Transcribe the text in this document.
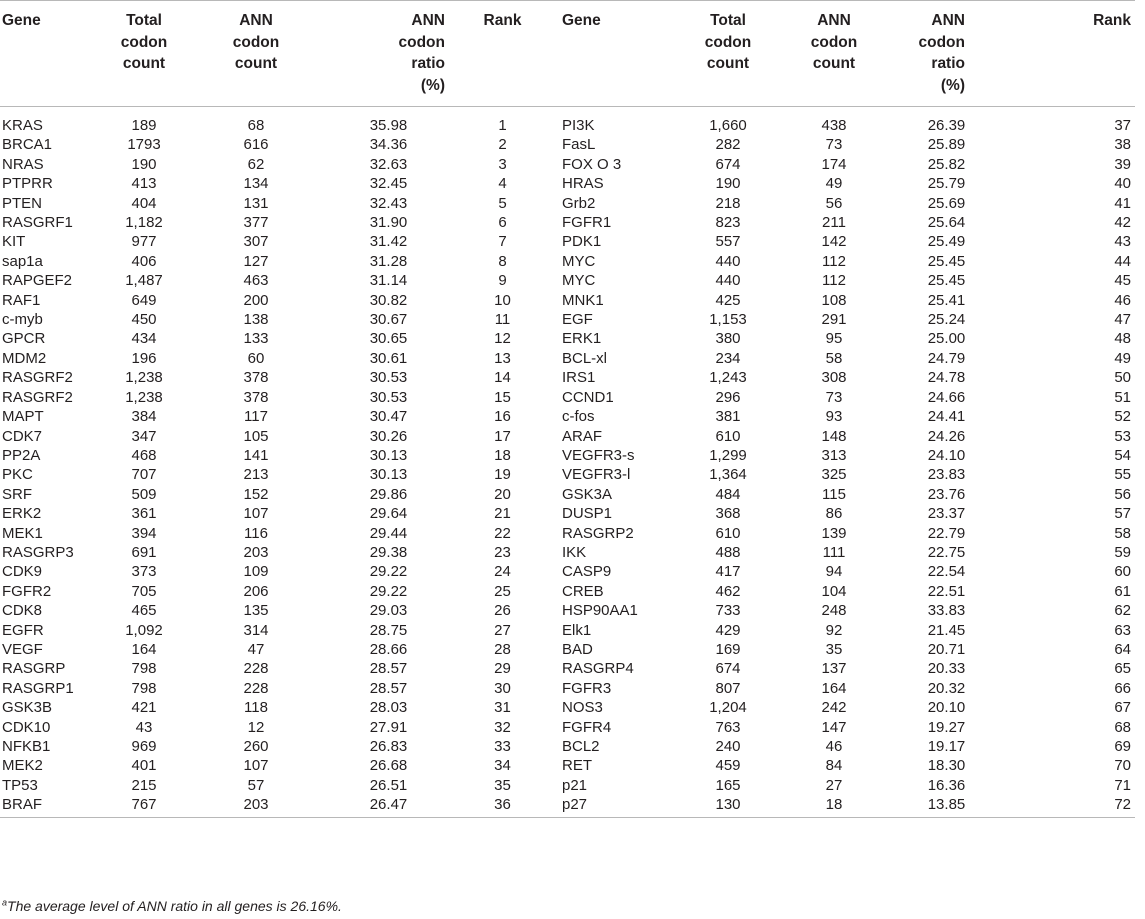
Gene	Total
codon
count	ANN
codon
count	ANN
codon
ratio
(%)	Rank	Gene	Total
codon
count	ANN
codon
count	ANN
codon
ratio
(%)	Rank
KRAS	189	68	35.98	1	PI3K	1,660	438	26.39	37
BRCA1	1793	616	34.36	2	FasL	282	73	25.89	38
NRAS	190	62	32.63	3	FOX O 3	674	174	25.82	39
PTPRR	413	134	32.45	4	HRAS	190	49	25.79	40
PTEN	404	131	32.43	5	Grb2	218	56	25.69	41
RASGRF1	1,182	377	31.90	6	FGFR1	823	211	25.64	42
KIT	977	307	31.42	7	PDK1	557	142	25.49	43
sap1a	406	127	31.28	8	MYC	440	112	25.45	44
RAPGEF2	1,487	463	31.14	9	MYC	440	112	25.45	45
RAF1	649	200	30.82	10	MNK1	425	108	25.41	46
c-myb	450	138	30.67	11	EGF	1,153	291	25.24	47
GPCR	434	133	30.65	12	ERK1	380	95	25.00	48
MDM2	196	60	30.61	13	BCL-xl	234	58	24.79	49
RASGRF2	1,238	378	30.53	14	IRS1	1,243	308	24.78	50
RASGRF2	1,238	378	30.53	15	CCND1	296	73	24.66	51
MAPT	384	117	30.47	16	c-fos	381	93	24.41	52
CDK7	347	105	30.26	17	ARAF	610	148	24.26	53
PP2A	468	141	30.13	18	VEGFR3-s	1,299	313	24.10	54
PKC	707	213	30.13	19	VEGFR3-l	1,364	325	23.83	55
SRF	509	152	29.86	20	GSK3A	484	115	23.76	56
ERK2	361	107	29.64	21	DUSP1	368	86	23.37	57
MEK1	394	116	29.44	22	RASGRP2	610	139	22.79	58
RASGRP3	691	203	29.38	23	IKK	488	111	22.75	59
CDK9	373	109	29.22	24	CASP9	417	94	22.54	60
FGFR2	705	206	29.22	25	CREB	462	104	22.51	61
CDK8	465	135	29.03	26	HSP90AA1	733	248	33.83	62
EGFR	1,092	314	28.75	27	Elk1	429	92	21.45	63
VEGF	164	47	28.66	28	BAD	169	35	20.71	64
RASGRP	798	228	28.57	29	RASGRP4	674	137	20.33	65
RASGRP1	798	228	28.57	30	FGFR3	807	164	20.32	66
GSK3B	421	118	28.03	31	NOS3	1,204	242	20.10	67
CDK10	43	12	27.91	32	FGFR4	763	147	19.27	68
NFKB1	969	260	26.83	33	BCL2	240	46	19.17	69
MEK2	401	107	26.68	34	RET	459	84	18.30	70
TP53	215	57	26.51	35	p21	165	27	16.36	71
BRAF	767	203	26.47	36	p27	130	18	13.85	72
$^a$The average level of ANN ratio in all genes is 26.16%.
